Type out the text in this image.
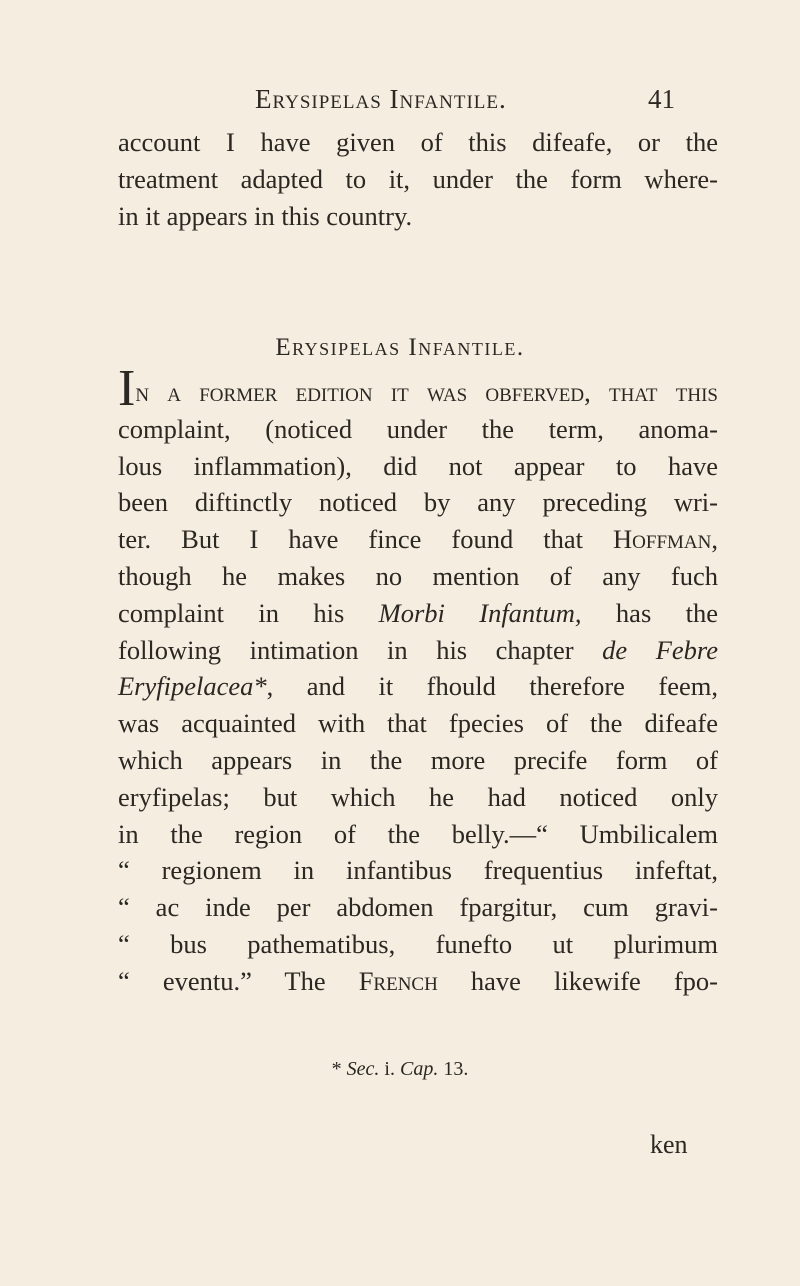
Erysipelas Infantile.	41
account I have given of this difeafe, or the
treatment adapted to it, under the form where-
in it appears in this country.
Erysipelas Infantile.
In a former edition it was obferved, that this
complaint, (noticed under the term, anoma-
lous inflammation), did not appear to have
been diftinctly noticed by any preceding wri-
ter. But I have fince found that Hoffman,
though he makes no mention of any fuch
complaint in his Morbi Infantum, has the
following intimation in his chapter de Febre
Eryfipelacea*, and it fhould therefore feem,
was acquainted with that fpecies of the difeafe
which appears in the more precife form of
eryfipelas; but which he had noticed only
in the region of the belly.—“ Umbilicalem
“ regionem in infantibus frequentius infeftat,
“ ac inde per abdomen fpargitur, cum gravi-
“ bus pathematibus, funefto ut plurimum
“ eventu.” The French have likewife fpo-
* Sec. i. Cap. 13.
ken
